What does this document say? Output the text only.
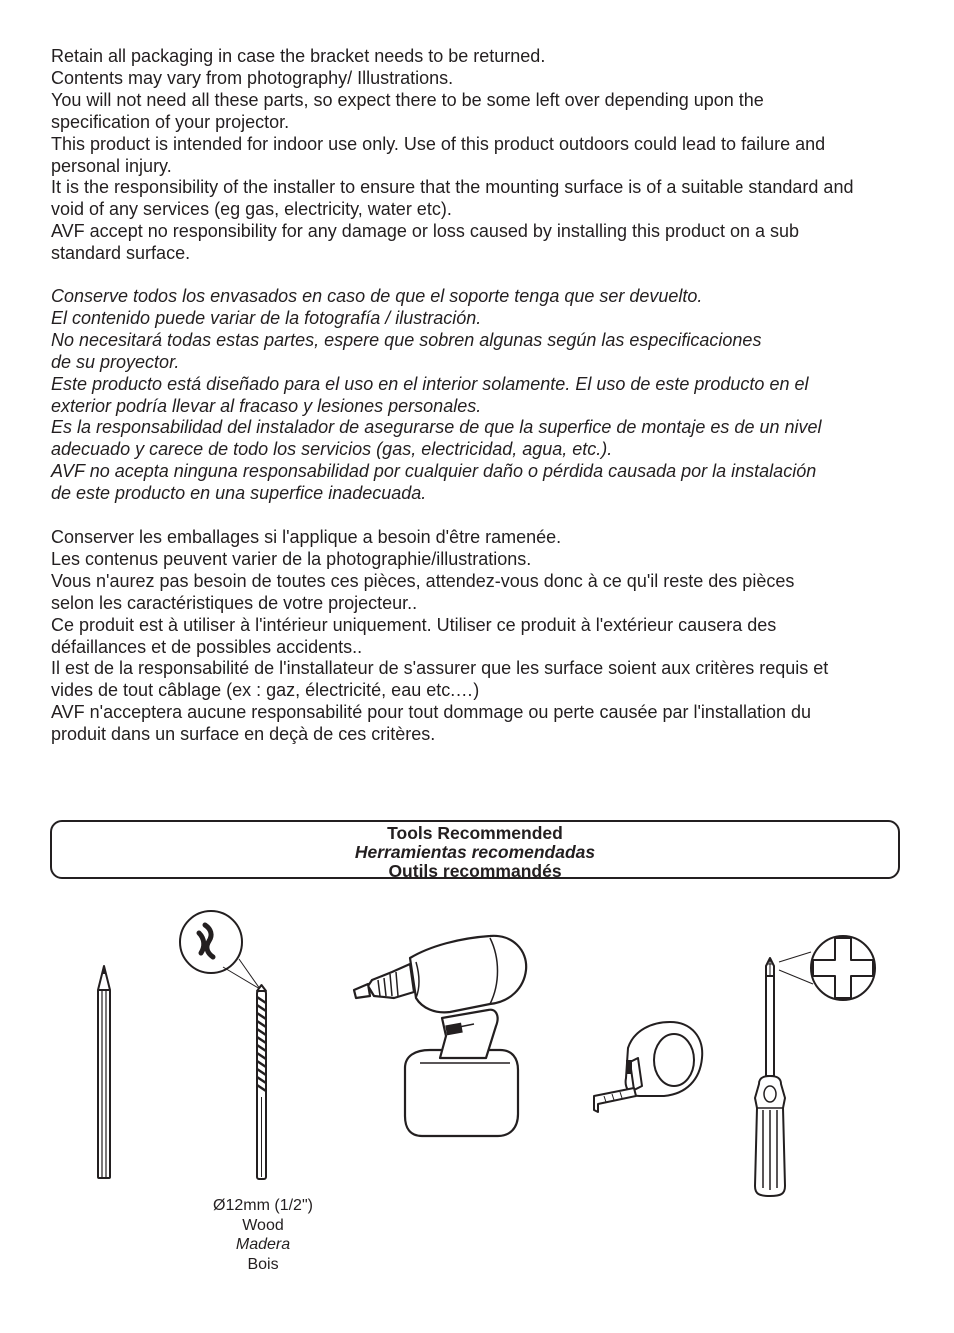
Retain all packaging in case the bracket needs to be returned.

Contents may vary from photography/ Illustrations.

You will not need all these parts, so expect there to be some left over depending upon the

specification of your projector.

This product is intended for indoor use only. Use of this product outdoors could lead to failure and

personal injury.

It is the responsibility of the installer to ensure that the mounting surface is of a suitable standard and

void of any services (eg gas, electricity, water etc).

AVF accept no responsibility for any damage or loss caused by installing this product on a sub

standard surface.

Conserve todos los envasados en caso de que el soporte tenga que ser devuelto.

El contenido puede variar de la fotografía / ilustración.

No necesitará todas estas partes, espere que sobren algunas según las especificaciones

de su proyector.

Este producto está diseñado para el uso en el interior solamente. El uso de este producto en el

exterior podría llevar al fracaso y lesiones personales.

Es la responsabilidad del instalador de asegurarse de que la superfice de montaje es de un nivel

adecuado y carece de todo los servicios (gas, electricidad, agua, etc.).

AVF no acepta ninguna responsabilidad por cualquier daño o pérdida causada por la instalación

de este producto en una superfice inadecuada.

Conserver les emballages si l'applique a besoin d'être ramenée.

Les contenus peuvent varier de la photographie/illustrations.

Vous n'aurez pas besoin de toutes ces pièces, attendez-vous donc à ce qu'il reste des pièces

selon les caractéristiques de votre projecteur..

Ce produit est à utiliser à l'intérieur uniquement. Utiliser ce produit à l'extérieur causera des

défaillances et de possibles accidents..

Il est de la responsabilité de l'installateur de s'assurer que les surface soient aux critères requis et

vides de tout câblage (ex : gaz, électricité, eau etc.…)

AVF n'acceptera aucune responsabilité pour tout dommage ou perte causée par l'installation du

produit dans un surface en deçà de ces critères.

Tools Recommended
Herramientas recomendadas
Outils recommandés
Ø12mm (1/2")
Wood
Madera
Bois
